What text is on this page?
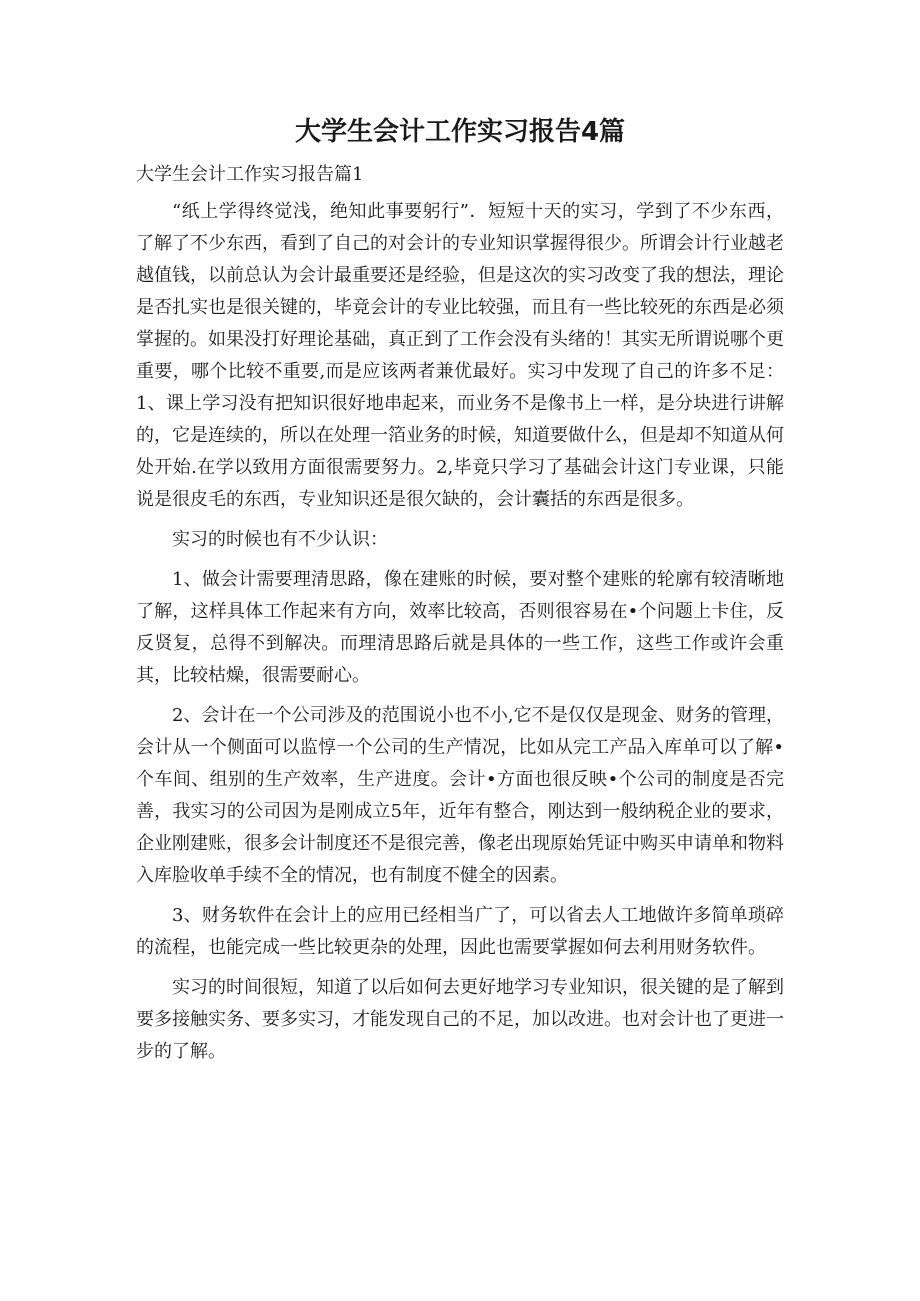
大学生会计工作实习报告4篇
大学生会计工作实习报告篇1

“纸上学得终觉浅，绝知此事要躬行”．短短十天的实习，学到了不少东西，了解了不少东西，看到了自己的对会计的专业知识掌握得很少。所谓会计行业越老越值钱，以前总认为会计最重要还是经验，但是这次的实习改变了我的想法，理论是否扎实也是很关键的，毕竟会计的专业比较强，而且有一些比较死的东西是必须掌握的。如果没打好理论基础，真正到了工作会没有头绪的！其实无所谓说哪个更重要，哪个比较不重要,而是应该两者兼优最好。实习中发现了自己的许多不足：1、课上学习没有把知识很好地串起来，而业务不是像书上一样，是分块进行讲解的，它是连续的，所以在处理一箔业务的时候，知道要做什么，但是却不知道从何处开始.在学以致用方面很需要努力。2,毕竟只学习了基础会计这门专业课，只能说是很皮毛的东西，专业知识还是很欠缺的，会计囊括的东西是很多。

实习的时候也有不少认识：

1、做会计需要理清思路，像在建账的时候，要对整个建账的轮廓有较清晰地了解，这样具体工作起来有方向，效率比较高，否则很容易在•个问题上卡住，反反贤复，总得不到解决。而理清思路后就是具体的一些工作，这些工作或许会重其，比较枯燥，很需要耐心。

2、会计在一个公司涉及的范围说小也不小,它不是仅仅是现金、财务的管理，会计从一个侧面可以监惇一个公司的生产情况，比如从完工产品入库单可以了解•个车间、组别的生产效率，生产进度。会计•方面也很反映•个公司的制度是否完善，我实习的公司因为是刚成立5年，近年有整合，刚达到一般纳税企业的要求，企业刚建账，很多会计制度还不是很完善，像老出现原始凭证中购买申请单和物料入库脸收单手续不全的情况，也有制度不健全的因素。

3、财务软件在会计上的应用已经相当广了，可以省去人工地做许多简单琐碎的流程，也能完成一些比较更杂的处理，因此也需要掌握如何去利用财务软件。

实习的时间很短，知道了以后如何去更好地学习专业知识，很关键的是了解到要多接触实务、要多实习，才能发现自己的不足，加以改进。也对会计也了更进一步的了解。
